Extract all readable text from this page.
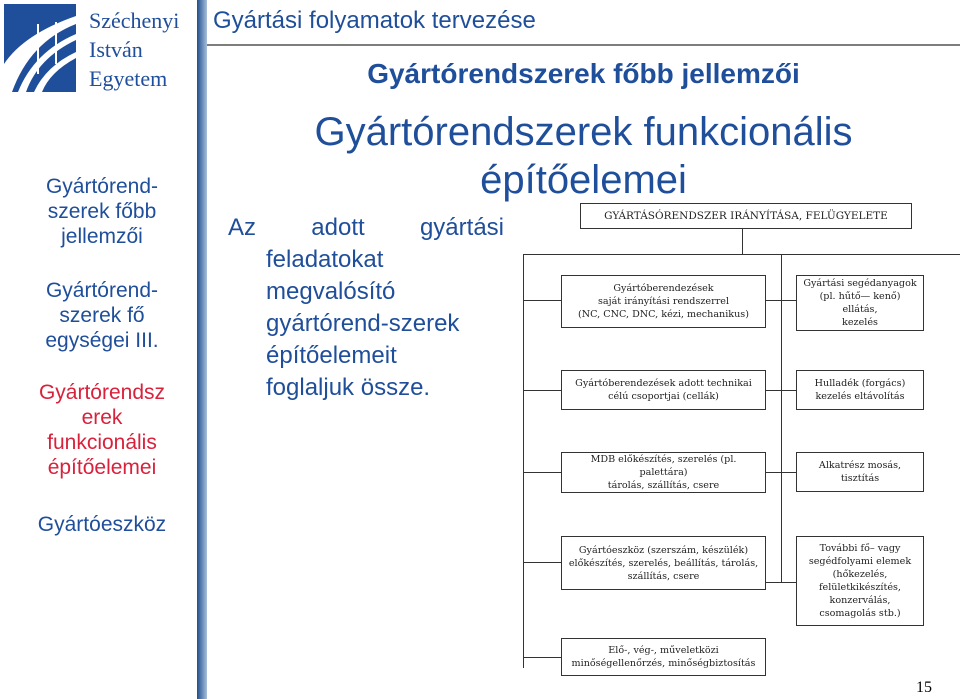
Széchenyi
István
Egyetem
Gyártórend-
szerek főbb
jellemzői
Gyártórend-
szerek fő
egységei III.
Gyártórendsz
erek
funkcionális
építőelemei
Gyártóeszköz
Gyártási folyamatok tervezése
Gyártórendszerek főbb jellemzői
Gyártórendszerek funkcionális
építőelemei
Az adott gyártási
feladatokat
megvalósító
gyártórend-szerek
építőelemeit
foglaljuk össze.
GYÁRTÁSÓRENDSZER IRÁNYÍTÁSA, FELÜGYELETE
Gyártóberendezések
saját irányítási rendszerrel
(NC, CNC, DNC, kézi, mechanikus)
Gyártóberendezések adott technikai
célú csoportjai (cellák)
MDB előkészítés, szerelés (pl. palettára)
tárolás, szállítás, csere
Gyártóeszköz (szerszám, készülék)
előkészítés, szerelés, beállítás, tárolás,
szállítás, csere
Elő-, vég-, műveletközi
minőségellenőrzés, minőségbiztosítás
Gyártási segédanyagok
(pl. hűtő— kenő) ellátás,
kezelés
Hulladék (forgács)
kezelés eltávolítás
Alkatrész mosás,
tisztítás
További fő– vagy
segédfolyami elemek
(hőkezelés,
felületkikészítés,
konzerválás,
csomagolás stb.)
15
